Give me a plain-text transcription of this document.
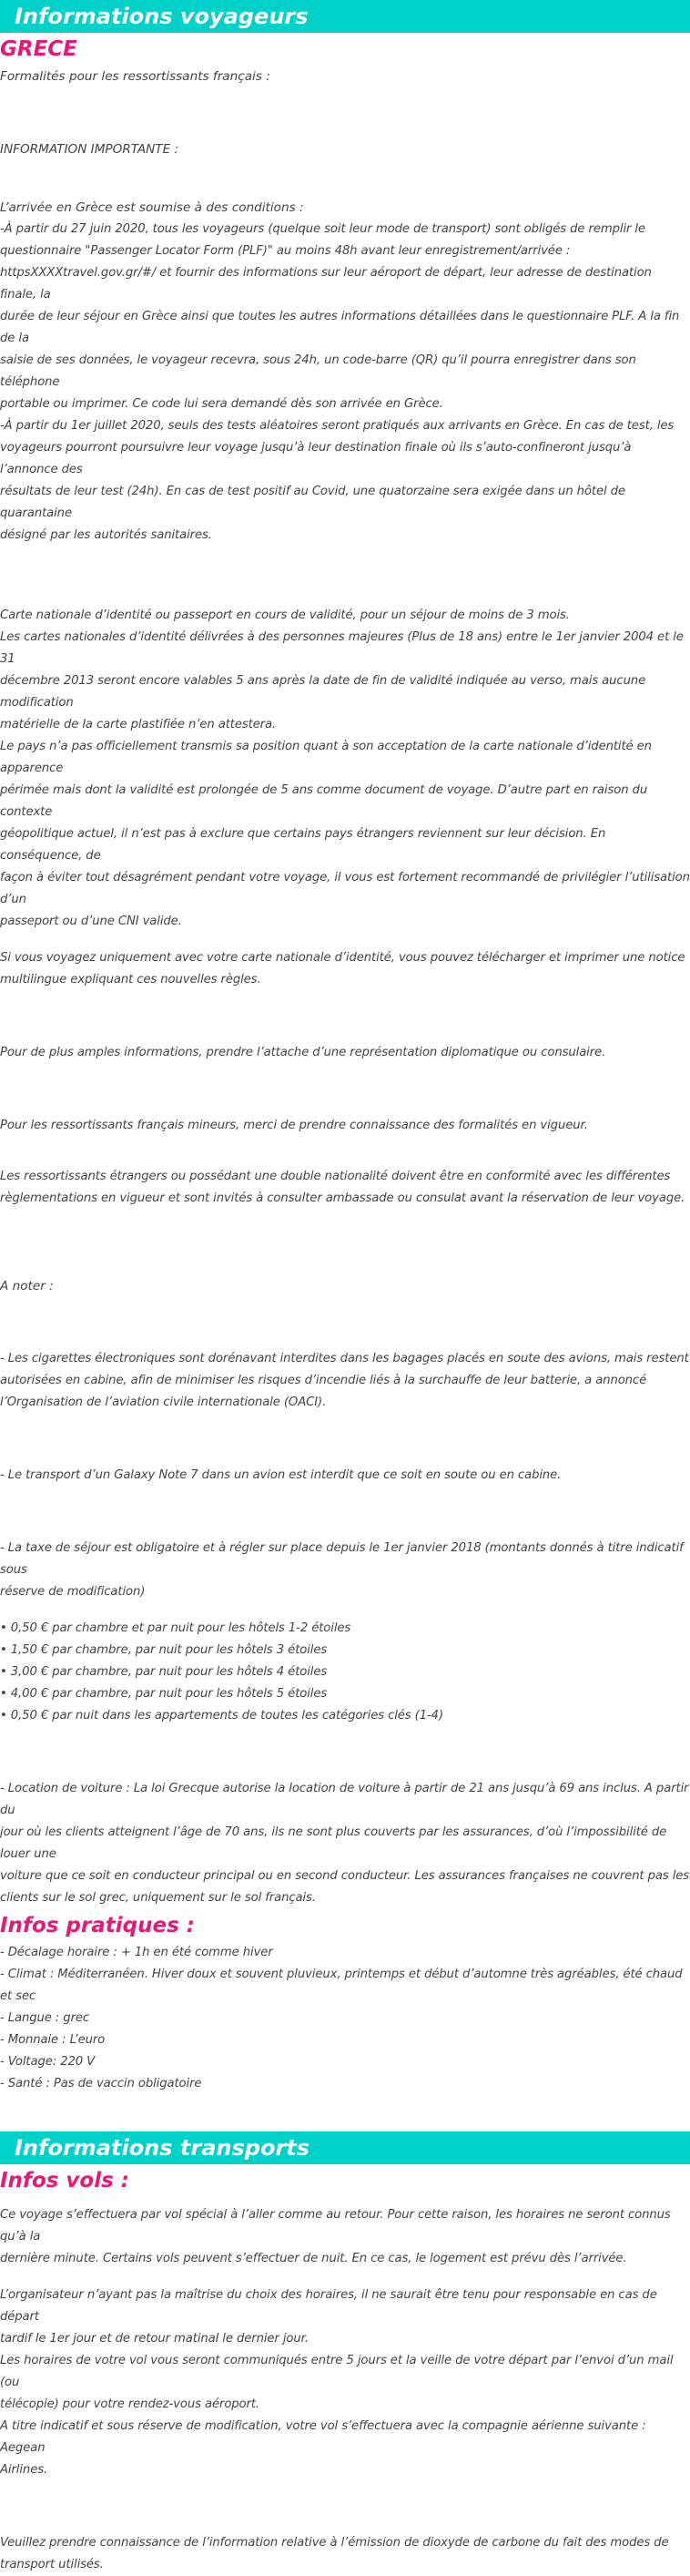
Informations voyageurs
GRECE

Formalités pour les ressortissants français :

INFORMATION IMPORTANTE :

L’arrivée en Grèce est soumise à des conditions :

-À partir du 27 juin 2020, tous les voyageurs (quelque soit leur mode de transport) sont obligés de remplir le

questionnaire "Passenger Locator Form (PLF)" au moins 48h avant leur enregistrement/arrivée :

httpsXXXXtravel.gov.gr/#/ et fournir des informations sur leur aéroport de départ, leur adresse de destination finale, la

durée de leur séjour en Grèce ainsi que toutes les autres informations détaillées dans le questionnaire PLF. A la fin de la

saisie de ses données, le voyageur recevra, sous 24h, un code-barre (QR) qu’il pourra enregistrer dans son téléphone

portable ou imprimer. Ce code lui sera demandé dès son arrivée en Grèce.

-À partir du 1er juillet 2020, seuls des tests aléatoires seront pratiqués aux arrivants en Grèce. En cas de test, les

voyageurs pourront poursuivre leur voyage jusqu’à leur destination finale où ils s’auto-confineront jusqu’à l’annonce des

résultats de leur test (24h). En cas de test positif au Covid, une quatorzaine sera exigée dans un hôtel de quarantaine

désigné par les autorités sanitaires.

Carte nationale d’identité ou passeport en cours de validité, pour un séjour de moins de 3 mois.

Les cartes nationales d’identité délivrées à des personnes majeures (Plus de 18 ans) entre le 1er janvier 2004 et le 31

décembre 2013 seront encore valables 5 ans après la date de fin de validité indiquée au verso, mais aucune modification

matérielle de la carte plastifiée n’en attestera.

Le pays n’a pas officiellement transmis sa position quant à son acceptation de la carte nationale d’identité en apparence

périmée mais dont la validité est prolongée de 5 ans comme document de voyage. D’autre part en raison du contexte

géopolitique actuel, il n’est pas à exclure que certains pays étrangers reviennent sur leur décision. En conséquence, de

façon à éviter tout désagrément pendant votre voyage, il vous est fortement recommandé de privilégier l’utilisation d’un

passeport ou d’une CNI valide.

Si vous voyagez uniquement avec votre carte nationale d’identité, vous pouvez télécharger et imprimer une notice

multilingue expliquant ces nouvelles règles.

Pour de plus amples informations, prendre l’attache d’une représentation diplomatique ou consulaire.

Pour les ressortissants français mineurs, merci de prendre connaissance des formalités en vigueur.

Les ressortissants étrangers ou possédant une double nationalité doivent être en conformité avec les différentes

règlementations en vigueur et sont invités à consulter ambassade ou consulat avant la réservation de leur voyage.

A noter :

- Les cigarettes électroniques sont dorénavant interdites dans les bagages placés en soute des avions, mais restent

autorisées en cabine, afin de minimiser les risques d’incendie liés à la surchauffe de leur batterie, a annoncé

l’Organisation de l’aviation civile internationale (OACI).

- Le transport d’un Galaxy Note 7 dans un avion est interdit que ce soit en soute ou en cabine.

- La taxe de séjour est obligatoire et à régler sur place depuis le 1er janvier 2018 (montants donnés à titre indicatif sous

réserve de modification)

• 0,50 € par chambre et par nuit pour les hôtels 1-2 étoiles

• 1,50 € par chambre, par nuit pour les hôtels 3 étoiles

• 3,00 € par chambre, par nuit pour les hôtels 4 étoiles

• 4,00 € par chambre, par nuit pour les hôtels 5 étoiles

• 0,50 € par nuit dans les appartements de toutes les catégories clés (1-4)

- Location de voiture : La loi Grecque autorise la location de voiture à partir de 21 ans jusqu’à 69 ans inclus. A partir du

jour où les clients atteignent l’âge de 70 ans, ils ne sont plus couverts par les assurances, d’où l’impossibilité de louer une

voiture que ce soit en conducteur principal ou en second conducteur. Les assurances françaises ne couvrent pas les

clients sur le sol grec, uniquement sur le sol français.

Infos pratiques :

- Décalage horaire : + 1h en été comme hiver

- Climat : Méditerranéen. Hiver doux et souvent pluvieux, printemps et début d’automne très agréables, été chaud et sec

- Langue : grec

- Monnaie : L’euro

- Voltage: 220 V

- Santé : Pas de vaccin obligatoire

Informations transports
Infos vols :

Ce voyage s’effectuera par vol spécial à l’aller comme au retour. Pour cette raison, les horaires ne seront connus qu’à la

dernière minute. Certains vols peuvent s’effectuer de nuit. En ce cas, le logement est prévu dès l’arrivée.

L’organisateur n’ayant pas la maîtrise du choix des horaires, il ne saurait être tenu pour responsable en cas de départ

tardif le 1er jour et de retour matinal le dernier jour.

Les horaires de votre vol vous seront communiqués entre 5 jours et la veille de votre départ par l’envoi d’un mail (ou

télécopie) pour votre rendez-vous aéroport.

A titre indicatif et sous réserve de modification, votre vol s’effectuera avec la compagnie aérienne suivante : Aegean

Airlines.

Veuillez prendre connaissance de l’information relative à l’émission de dioxyde de carbone du fait des modes de

transport utilisés.
